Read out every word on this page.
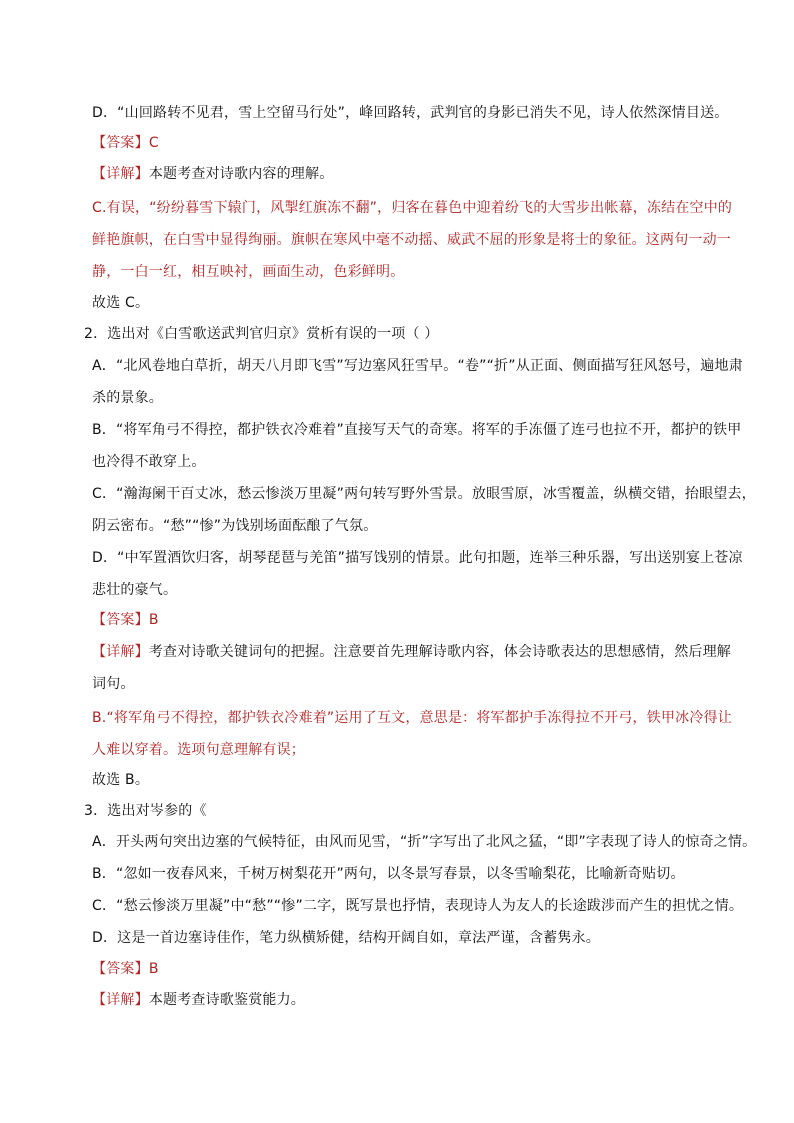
D．“山回路转不见君，雪上空留马行处”，峰回路转，武判官的身影已消失不见，诗人依然深情目送。
【答案】C
【详解】本题考查对诗歌内容的理解。
C.有误，“纷纷暮雪下辕门，风掣红旗冻不翻”，归客在暮色中迎着纷飞的大雪步出帐幕，冻结在空中的
鲜艳旗帜，在白雪中显得绚丽。旗帜在寒风中毫不动摇、威武不屈的形象是将士的象征。这两句一动一
静，一白一红，相互映衬，画面生动，色彩鲜明。
故选 C。
2．选出对《白雪歌送武判官归京》赏析有误的一项（ ）
A．“北风卷地白草折，胡天八月即飞雪”写边塞风狂雪早。“卷”“折”从正面、侧面描写狂风怒号，遍地肃
杀的景象。
B．“将军角弓不得控，都护铁衣冷难着”直接写天气的奇寒。将军的手冻僵了连弓也拉不开，都护的铁甲
也冷得不敢穿上。
C．“瀚海阑干百丈冰，愁云惨淡万里凝”两句转写野外雪景。放眼雪原，冰雪覆盖，纵横交错，抬眼望去，
阴云密布。“愁”“惨”为饯别场面酝酿了气氛。
D．“中军置酒饮归客，胡琴琵琶与羌笛”描写饯别的情景。此句扣题，连举三种乐器，写出送别宴上苍凉
悲壮的豪气。
【答案】B
【详解】考查对诗歌关键词句的把握。注意要首先理解诗歌内容，体会诗歌表达的思想感情，然后理解
词句。
B.“将军角弓不得控，都护铁衣冷难着”运用了互文，意思是：将军都护手冻得拉不开弓，铁甲冰冷得让
人难以穿着。选项句意理解有误；
故选 B。
3．选出对岑参的《
A．开头两句突出边塞的气候特征，由风而见雪，“折”字写出了北风之猛，“即”字表现了诗人的惊奇之情。
B．“忽如一夜春风来，千树万树梨花开”两句，以冬景写春景，以冬雪喻梨花，比喻新奇贴切。
C．“愁云惨淡万里凝”中“愁”“惨”二字，既写景也抒情，表现诗人为友人的长途跋涉而产生的担忧之情。
D．这是一首边塞诗佳作，笔力纵横矫健，结构开阔自如，章法严谨，含蓄隽永。
【答案】B
【详解】本题考查诗歌鉴赏能力。
